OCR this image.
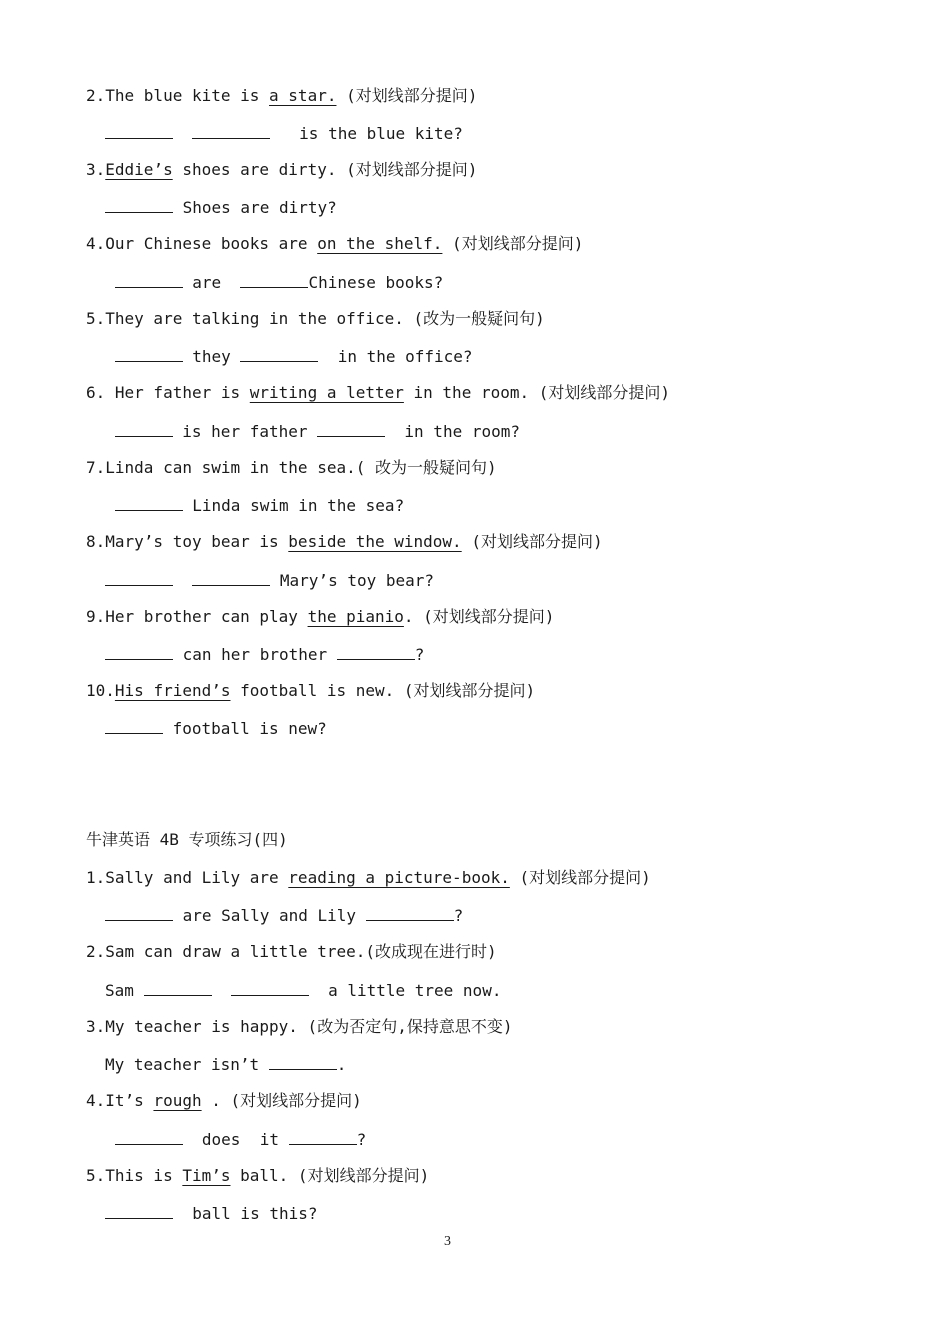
2.The blue kite is a star. (对划线部分提问)
is the blue kite?
3.Eddie’s shoes are dirty. (对划线部分提问)
Shoes are dirty?
4.Our Chinese books are on the shelf. (对划线部分提问)
are	Chinese books?
5.They are talking in the office. (改为一般疑问句)
they	in the office?
6. Her father is writing a letter in the room. (对划线部分提问)
is her father	in the room?
7.Linda can swim in the sea.( 改为一般疑问句)
Linda swim in the sea?
8.Mary’s toy bear is beside the window. (对划线部分提问)
Mary’s toy bear?
9.Her brother can play the pianio. (对划线部分提问)
can her brother	?
10.His friend’s football is new. (对划线部分提问)
football is new?
牛津英语 4B 专项练习(四)
1.Sally and Lily are reading a picture-book. (对划线部分提问)
are Sally and Lily	?
2.Sam can draw a little tree.(改成现在进行时)
Sam	a little tree now.
3.My teacher is happy. (改为否定句,保持意思不变)
My teacher isn’t	.
4.It’s rough . (对划线部分提问)
does  it	?
5.This is Tim’s ball. (对划线部分提问)
ball is this?
3
